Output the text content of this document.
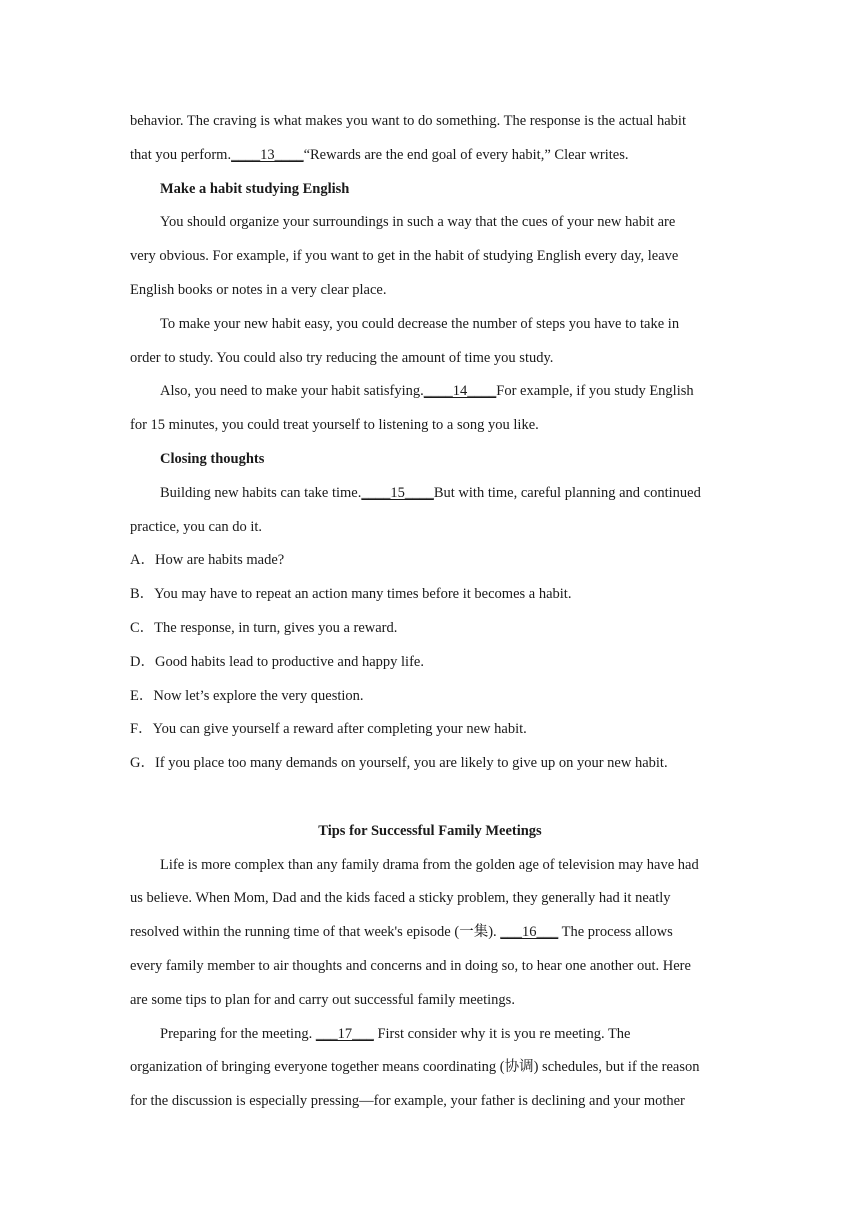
behavior. The craving is what makes you want to do something. The response is the actual habit
that you perform.____13____“Rewards are the end goal of every habit,” Clear writes.
Make a habit studying English
You should organize your surroundings in such a way that the cues of your new habit are
very obvious. For example, if you want to get in the habit of studying English every day, leave
English books or notes in a very clear place.
To make your new habit easy, you could decrease the number of steps you have to take in
order to study. You could also try reducing the amount of time you study.
Also, you need to make your habit satisfying.____14____For example, if you study English
for 15 minutes, you could treat yourself to listening to a song you like.
Closing thoughts
Building new habits can take time.____15____But with time, careful planning and continued
practice, you can do it.
A．How are habits made?
B．You may have to repeat an action many times before it becomes a habit.
C．The response, in turn, gives you a reward.
D．Good habits lead to productive and happy life.
E．Now let’s explore the very question.
F．You can give yourself a reward after completing your new habit.
G．If you place too many demands on yourself, you are likely to give up on your new habit.
Tips for Successful Family Meetings
Life is more complex than any family drama from the golden age of television may have had
us believe. When Mom, Dad and the kids faced a sticky problem, they generally had it neatly
resolved within the running time of that week's episode (一集). ___16___ The process allows
every family member to air thoughts and concerns and in doing so, to hear one another out. Here
are some tips to plan for and carry out successful family meetings.
Preparing for the meeting. ___17___ First consider why it is you re meeting. The
organization of bringing everyone together means coordinating (协调) schedules, but if the reason
for the discussion is especially pressing—for example, your father is declining and your mother
